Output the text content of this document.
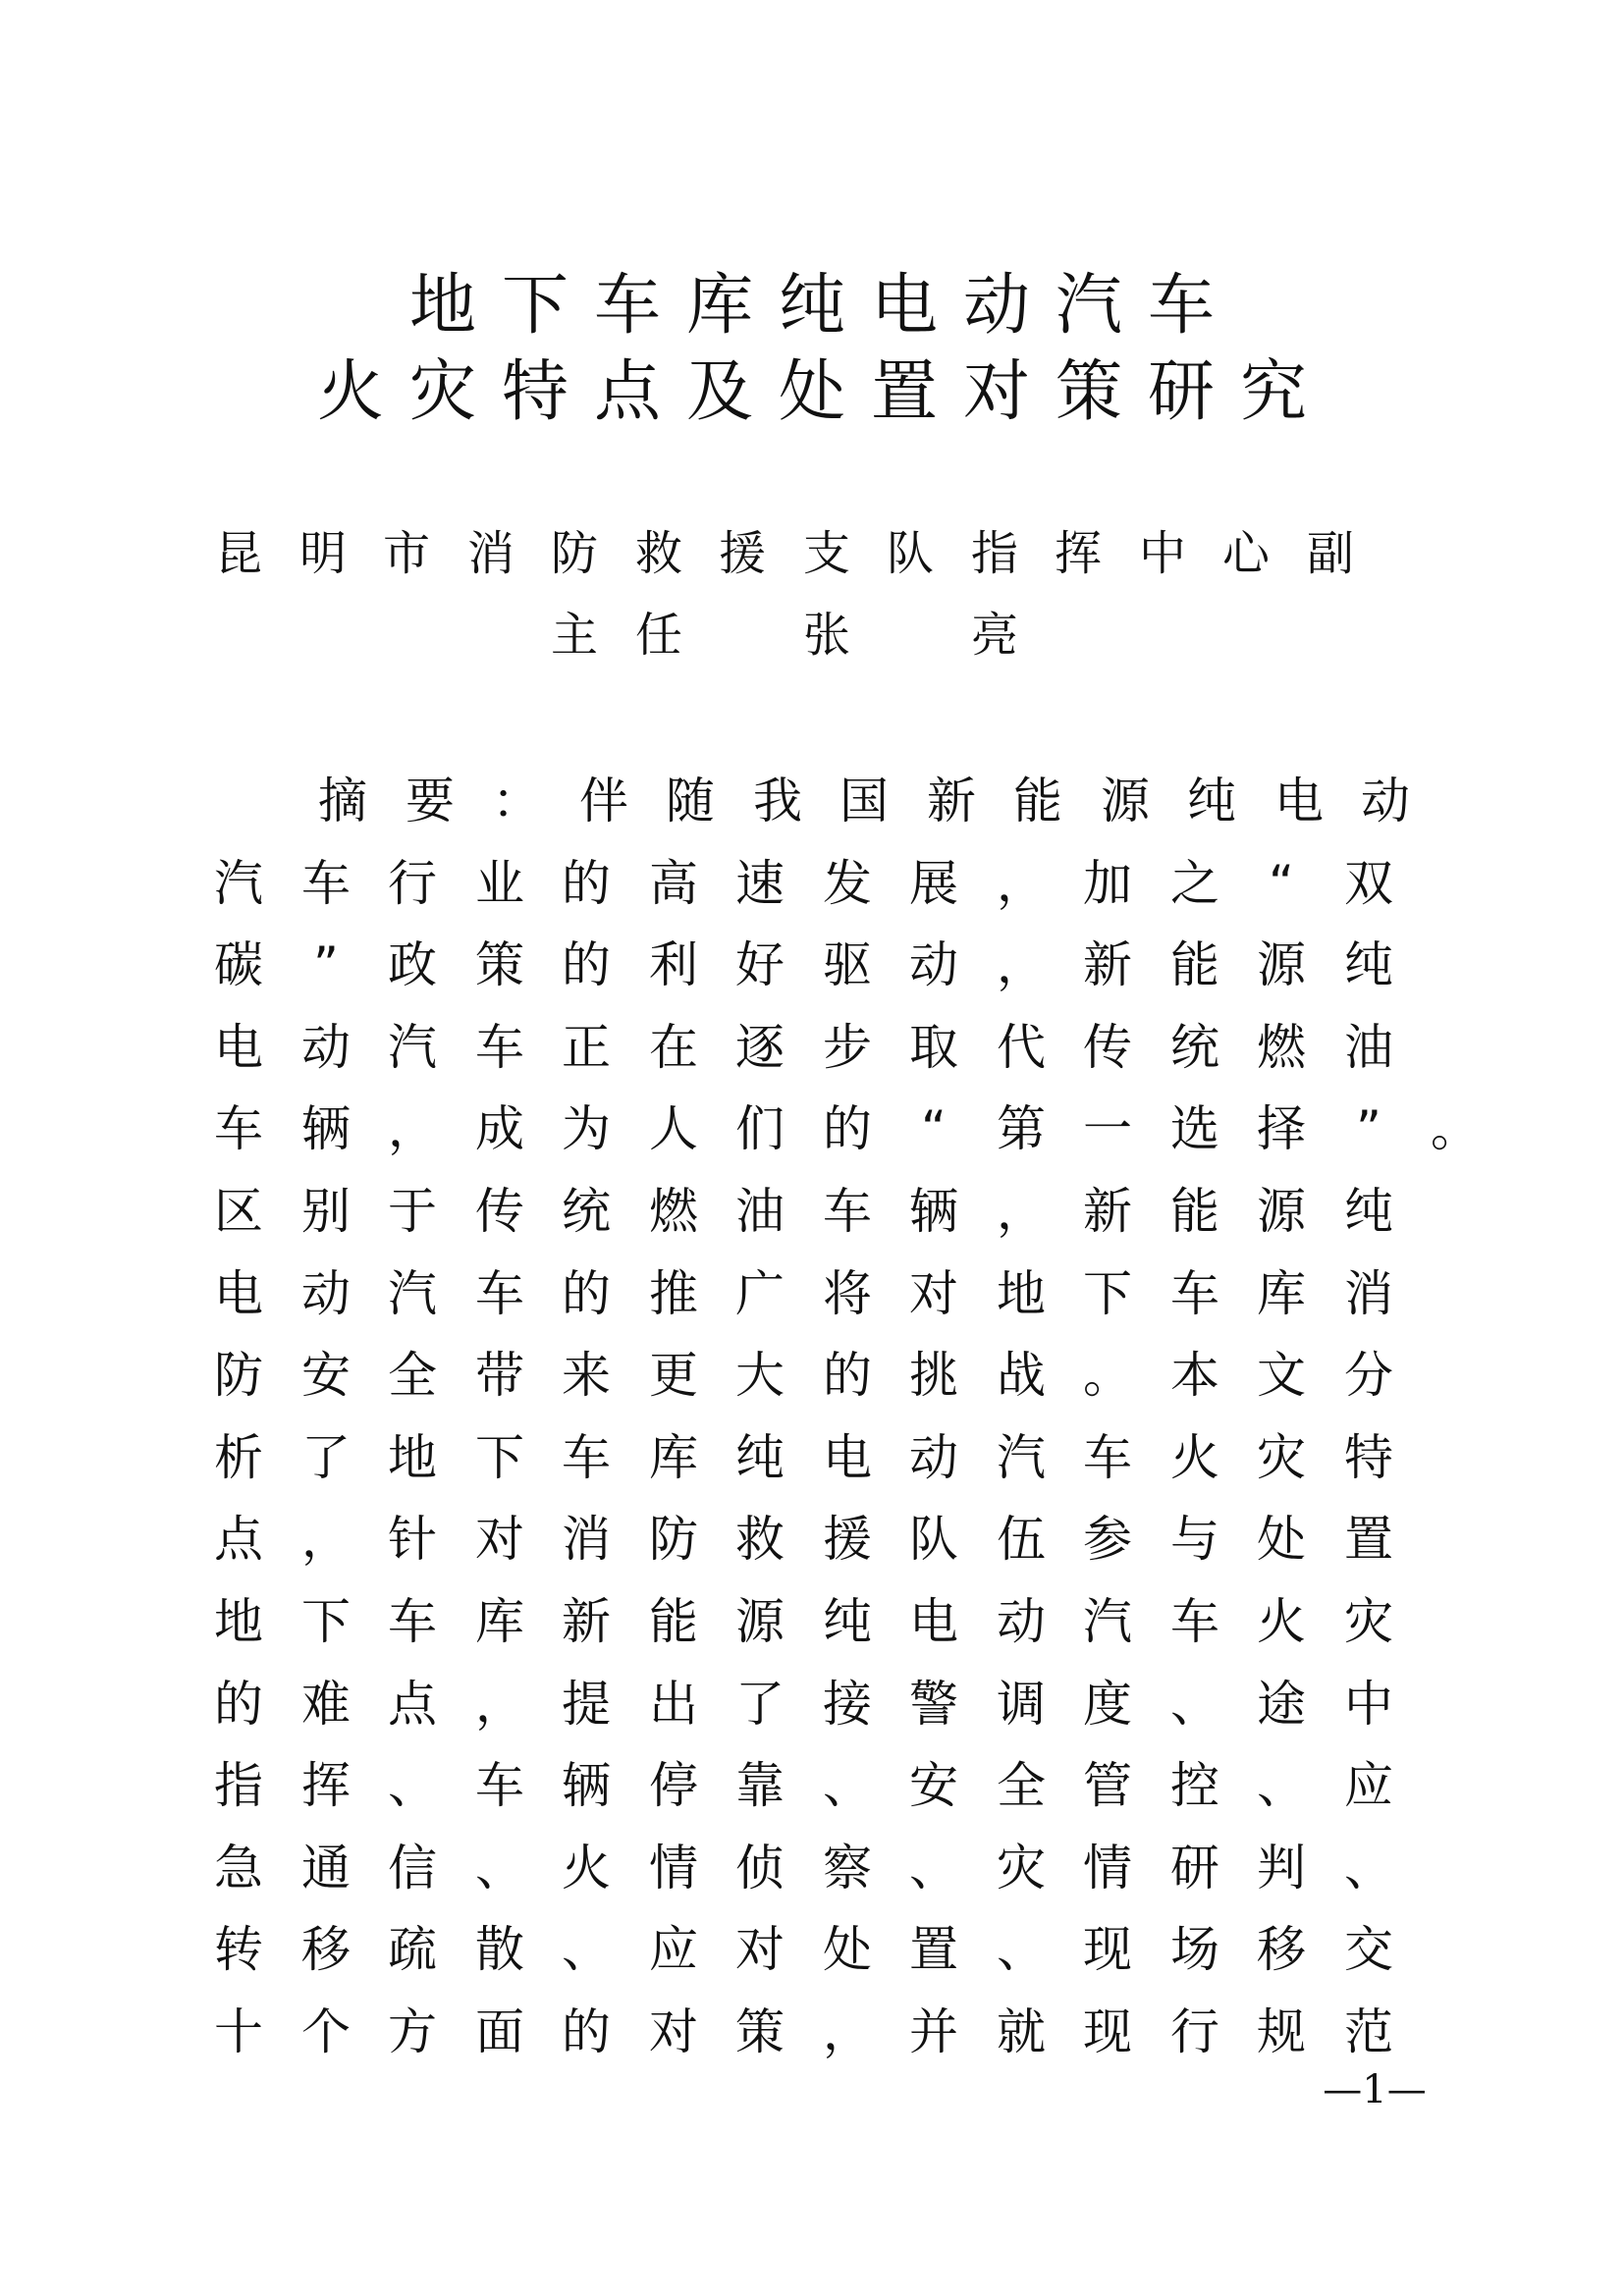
地下车库纯电动汽车
火灾特点及处置对策研究
昆 明 市 消 防 救 援 支 队 指 挥 中 心 副
主 任	张	亮
摘 要 ： 伴 随 我 国 新 能 源 纯 电 动
汽 车 行 业 的 高 速 发 展 ， 加 之	“	双
碳	”	政 策 的 利 好 驱 动 ， 新 能 源 纯
电 动 汽 车 正 在 逐 步 取 代 传 统 燃 油
车 辆 ， 成 为 人 们 的	“	第 一 选 择	”	。
区 别 于 传 统 燃 油 车 辆 ， 新 能 源 纯
电 动 汽 车 的 推 广 将 对 地 下 车 库 消
防 安 全 带 来 更 大 的 挑 战 。 本 文 分
析 了 地 下 车 库 纯 电 动 汽 车 火 灾 特
点 ， 针 对 消 防 救 援 队 伍 参 与 处 置
地 下 车 库 新 能 源 纯 电 动 汽 车 火 灾
的 难 点 ， 提 出 了 接 警 调 度 、 途 中
指 挥 、 车 辆 停 靠 、 安 全 管 控 、 应
急 通 信 、 火 情 侦 察 、 灾 情 研 判 、
转 移 疏 散 、 应 对 处 置 、 现 场 移 交
十 个 方 面 的 对 策 ， 并 就 现 行 规 范
—1—
